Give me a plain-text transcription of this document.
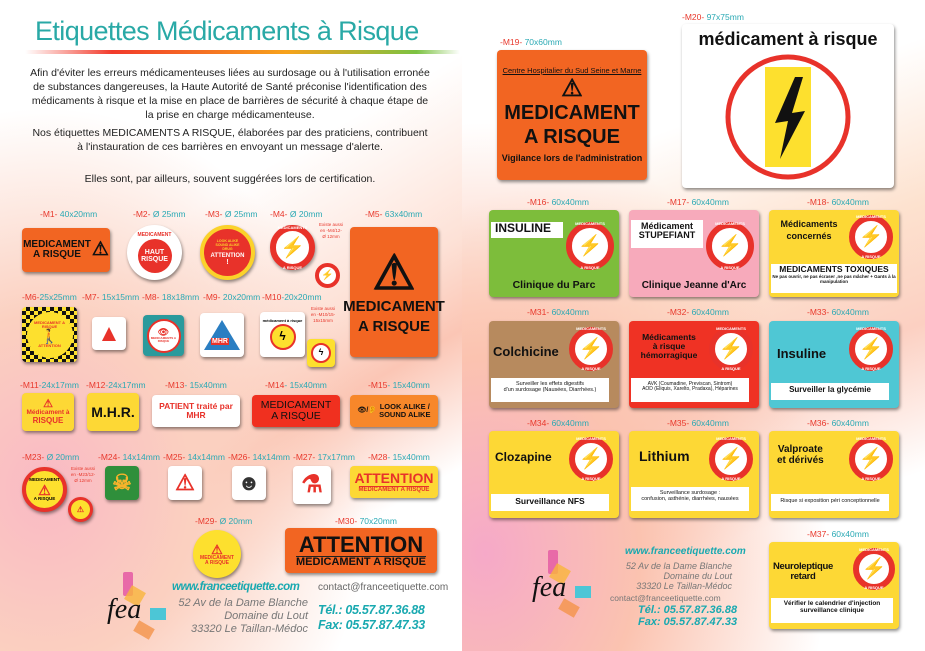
Etiquettes Médicaments à Risque

Afin d'éviter les erreurs médicamenteuses liées au surdosage ou à l'utilisation erronée de substances dangereuses, la Haute Autorité de Santé préconise l'identification des médicaments à risque et la mise en place de barrières de sécurité à chaque étape de la prise en charge médicamenteuse.

Nos étiquettes MEDICAMENTS A RISQUE, élaborées par des praticiens, contribuent à l'instauration de ces barrières en envoyant un message d'alerte.

Elles sont, par ailleurs, souvent suggérées lors de certification.

-M1- 40x20mm
MEDICAMENT
A RISQUE ⚠
-M2- Ø 25mm
MEDICAMENT
HAUT
RISQUE
-M3- Ø 25mm
LOOK ALIKE SOUND ALIKE DRUG
ATTENTION
!
-M4- Ø 20mm
MEDICAMENTS
⚡
A RISQUE
⚡
Existe aussi en -M4/12- Ø 12mm
-M5- 63x40mm
⚠
MEDICAMENT
A RISQUE
-M6-25x25mm
MEDICAMENT A RISQUE
🚶
ATTENTION
-M7- 15x15mm
▲
-M8- 18x18mm
👁
MEDICAMENTS A RISQUE
-M9- 20x20mm
MHR
-M10-20x20mm
médicament à risque
ϟ
ϟ
Existe aussi en -M10/15- 15x15mm
-M11-24x17mm
⚠
Médicament à
RISQUE
-M12-24x17mm
M.H.R.
-M13- 15x40mm
PATIENT traité par MHR
-M14- 15x40mm
MEDICAMENT
A RISQUE
-M15- 15x40mm
👁/👂 LOOK ALIKE /
SOUND ALIKE
-M23- Ø 20mm
MEDICAMENT
⚠
A RISQUE
⚠
Existe aussi en -M23/12- Ø 12mm
-M24- 14x14mm
☠
-M25- 14x14mm
⚠
-M26- 14x14mm
☻
-M27- 17x17mm
⚗
-M28- 15x40mm
ATTENTION
MEDICAMENT A RISQUE
-M29- Ø 20mm
⚠
MEDICAMENT
A RISQUE
-M30- 70x20mm
ATTENTION
MEDICAMENT A RISQUE
fea
www.franceetiquette.com contact@franceetiquette.com
52 Av de la Dame Blanche
Domaine du Lout
33320 Le Taillan-Médoc
Tél.: 05.57.87.36.88
Fax: 05.57.87.47.33
-M19- 70x60mm
Centre Hospitalier du Sud Seine et Marne
⚠
MEDICAMENT
A RISQUE
Vigilance lors de l'administration
-M20- 97x75mm
médicament à risque
-M16- 60x40mm
INSULINE	MEDICAMENTS
⚡
A RISQUE
Clinique du Parc
-M17- 60x40mm
Médicament
STUPEFIANT
MEDICAMENTS
⚡
A RISQUE
Clinique Jeanne d'Arc
-M18- 60x40mm
Médicaments
concernés
MEDICAMENTS
⚡
A RISQUE
MEDICAMENTS TOXIQUES
Ne pas ouvrir, ne pas écraser ,ne pas mâcher + Gants à la manipulation
-M31- 60x40mm
Colchicine
MEDICAMENTS
⚡
A RISQUE
Surveiller les effets digestifs
d'un surdosage (Nausées, Diarrhées.)
-M32- 60x40mm
Médicaments
à risque
hémorragique
MEDICAMENTS
⚡
A RISQUE
AVK (Coumadine, Previscan, Sintrom)
AOD (Eliquis, Xarelto, Pradaxa), Héparines
-M33- 60x40mm
Insuline
MEDICAMENTS
⚡
A RISQUE
Surveiller la glycémie
-M34- 60x40mm
Clozapine
MEDICAMENTS
⚡
A RISQUE
Surveillance NFS
-M35- 60x40mm
Lithium
MEDICAMENTS
⚡
A RISQUE
Surveillance surdosage :
confusion, asthénie, diarrhées, nausées
-M36- 60x40mm
Valproate
et dérivés
MEDICAMENTS
⚡
A RISQUE
Risque si exposition péri conceptionnelle
-M37- 60x40mm
Neuroleptique
retard
MEDICAMENTS
⚡
A RISQUE
Vérifier le calendrier d'injection
surveillance clinique
fea
www.franceetiquette.com
52 Av de la Dame Blanche
Domaine du Lout
33320 Le Taillan-Médoc
contact@franceetiquette.com
Tél.: 05.57.87.36.88
Fax: 05.57.87.47.33
